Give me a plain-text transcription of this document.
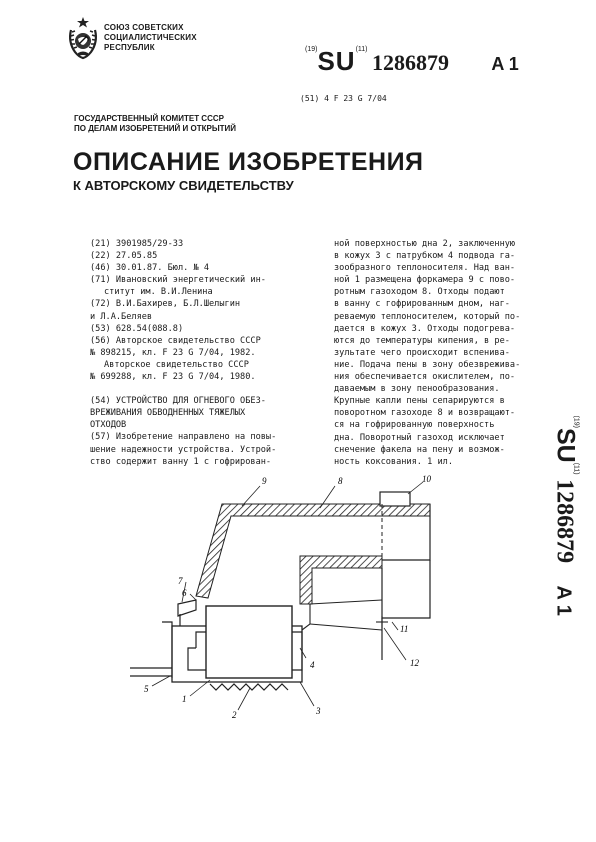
СОЮЗ СОВЕТСКИХ
СОЦИАЛИСТИЧЕСКИХ
РЕСПУБЛИК	$^{(19)}$SU$^{(11)}$ 1286879 A 1
(51) 4 F 23 G 7/04
ГОСУДАРСТВЕННЫЙ КОМИТЕТ СССР
ПО ДЕЛАМ ИЗОБРЕТЕНИЙ И ОТКРЫТИЙ
ОПИСАНИЕ ИЗОБРЕТЕНИЯ
К АВТОРСКОМУ СВИДЕТЕЛЬСТВУ
(21) 3901985/29-33
(22) 27.05.85
(46) 30.01.87. Бюл. № 4
(71) Ивановский энергетический ин-
ститут им. В.И.Ленина
(72) В.И.Бахирев, Б.Л.Шелыгин
и Л.А.Беляев
(53) 628.54(088.8)
(56) Авторское свидетельство СССР
№ 898215, кл. F 23 G 7/04, 1982.
Авторское свидетельство СССР
№ 699288, кл. F 23 G 7/04, 1980.
(54) УСТРОЙСТВО ДЛЯ ОГНЕВОГО ОБЕЗ-
ВРЕЖИВАНИЯ ОБВОДНЕННЫХ ТЯЖЕЛЫХ
ОТХОДОВ
(57) Изобретение направлено на повы-
шение надежности устройства. Устрой-
ство содержит ванну 1 с гофрирован-
ной поверхностью дна 2, заключенную
в кожух 3 с патрубком 4 подвода га-
зообразного теплоносителя. Над ван-
ной 1 размещена форкамера 9 с пово-
ротным газоходом 8. Отходы подают
в ванну с гофрированным дном, наг-
реваемую теплоносителем, который по-
дается в кожух 3. Отходы подогрева-
ются до температуры кипения, в ре-
зультате чего происходит вспенива-
ние. Подача пены в зону обезврежива-
ния обеспечивается окислителем, по-
даваемым в зону пенообразования.
Крупные капли пены сепарируются в
поворотном газоходе 8 и возвращают-
ся на гофрированную поверхность
дна. Поворотный газоход исключает
снечение факела на пену и возмож-
ность коксования. 1 ил.
$^{(19)}$SU$^{(11)}$ 1286879 A 1
9	8	10
7
6
11
4	12
5
1
2	3
